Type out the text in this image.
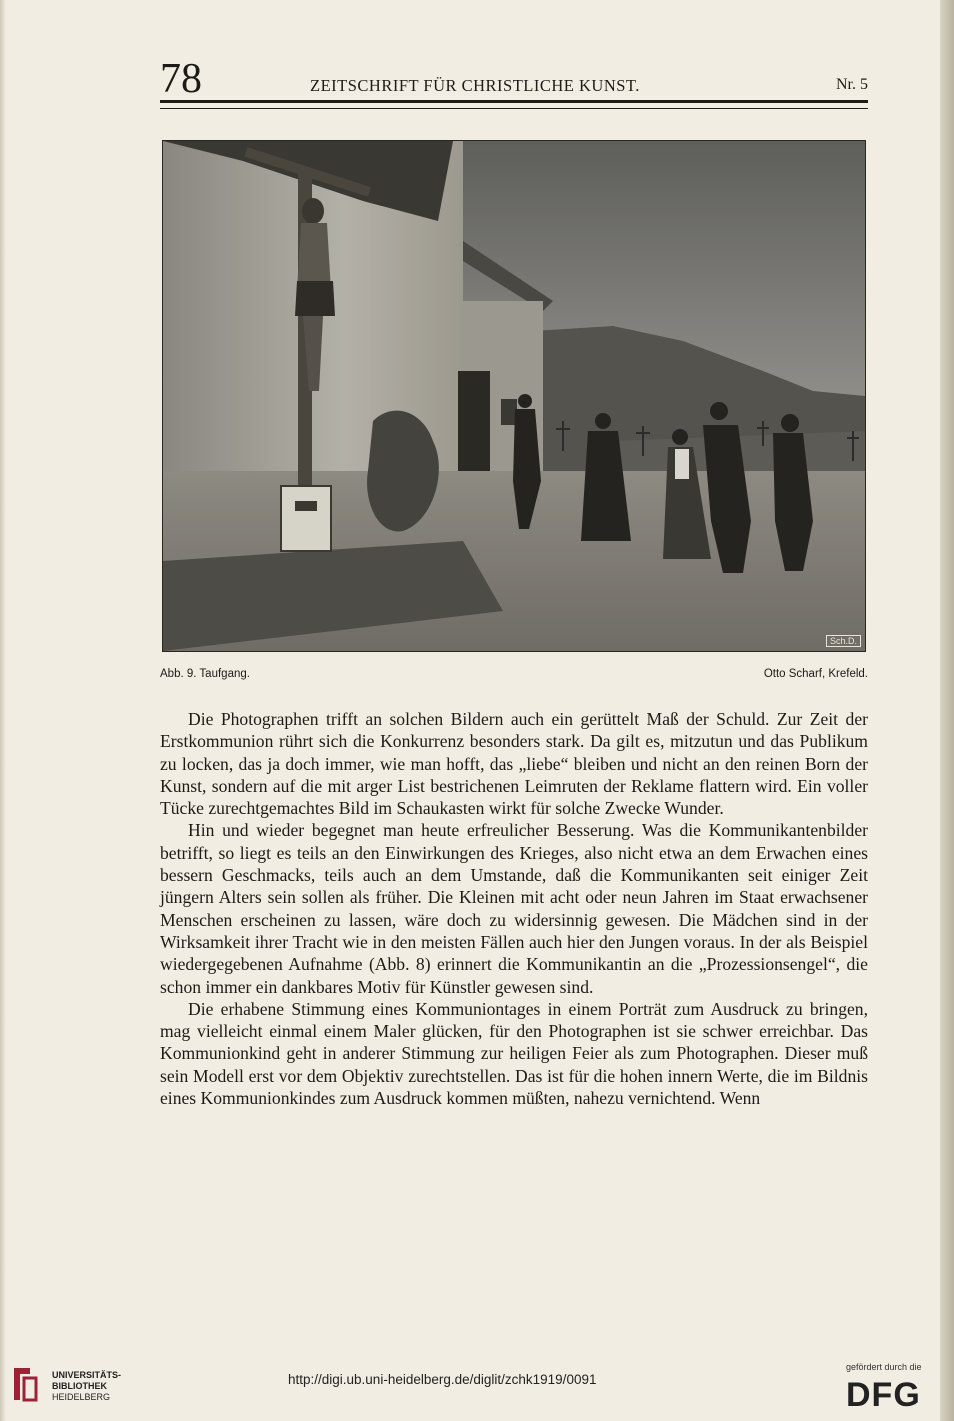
78	ZEITSCHRIFT FÜR CHRISTLICHE KUNST.	Nr. 5
Sch.D.
Abb. 9. Taufgang.	Otto Scharf, Krefeld.

Die Photographen trifft an solchen Bildern auch ein gerüttelt Maß der Schuld. Zur Zeit der Erstkommunion rührt sich die Konkurrenz besonders stark. Da gilt es, mitzutun und das Publikum zu locken, das ja doch immer, wie man hofft, das „liebe“ bleiben und nicht an den reinen Born der Kunst, sondern auf die mit arger List bestrichenen Leimruten der Reklame flattern wird. Ein voller Tücke zurechtgemachtes Bild im Schaukasten wirkt für solche Zwecke Wunder.

Hin und wieder begegnet man heute erfreulicher Besserung. Was die Kommunikantenbilder betrifft, so liegt es teils an den Einwirkungen des Krieges, also nicht etwa an dem Erwachen eines bessern Geschmacks, teils auch an dem Umstande, daß die Kommunikanten seit einiger Zeit jüngern Alters sein sollen als früher. Die Kleinen mit acht oder neun Jahren im Staat erwachsener Menschen erscheinen zu lassen, wäre doch zu widersinnig gewesen. Die Mädchen sind in der Wirksamkeit ihrer Tracht wie in den meisten Fällen auch hier den Jungen voraus. In der als Beispiel wiedergegebenen Aufnahme (Abb. 8) erinnert die Kommunikantin an die „Prozessionsengel“, die schon immer ein dankbares Motiv für Künstler gewesen sind.

Die erhabene Stimmung eines Kommuniontages in einem Porträt zum Ausdruck zu bringen, mag vielleicht einmal einem Maler glücken, für den Photographen ist sie schwer erreichbar. Das Kommunionkind geht in anderer Stimmung zur heiligen Feier als zum Photographen. Dieser muß sein Modell erst vor dem Objektiv zurechtstellen. Das ist für die hohen innern Werte, die im Bildnis eines Kommunionkindes zum Ausdruck kommen müßten, nahezu vernichtend. Wenn

UNIVERSITÄTS-
BIBLIOTHEK
HEIDELBERG
http://digi.ub.uni-heidelberg.de/diglit/zchk1919/0091
gefördert durch die
DFG
